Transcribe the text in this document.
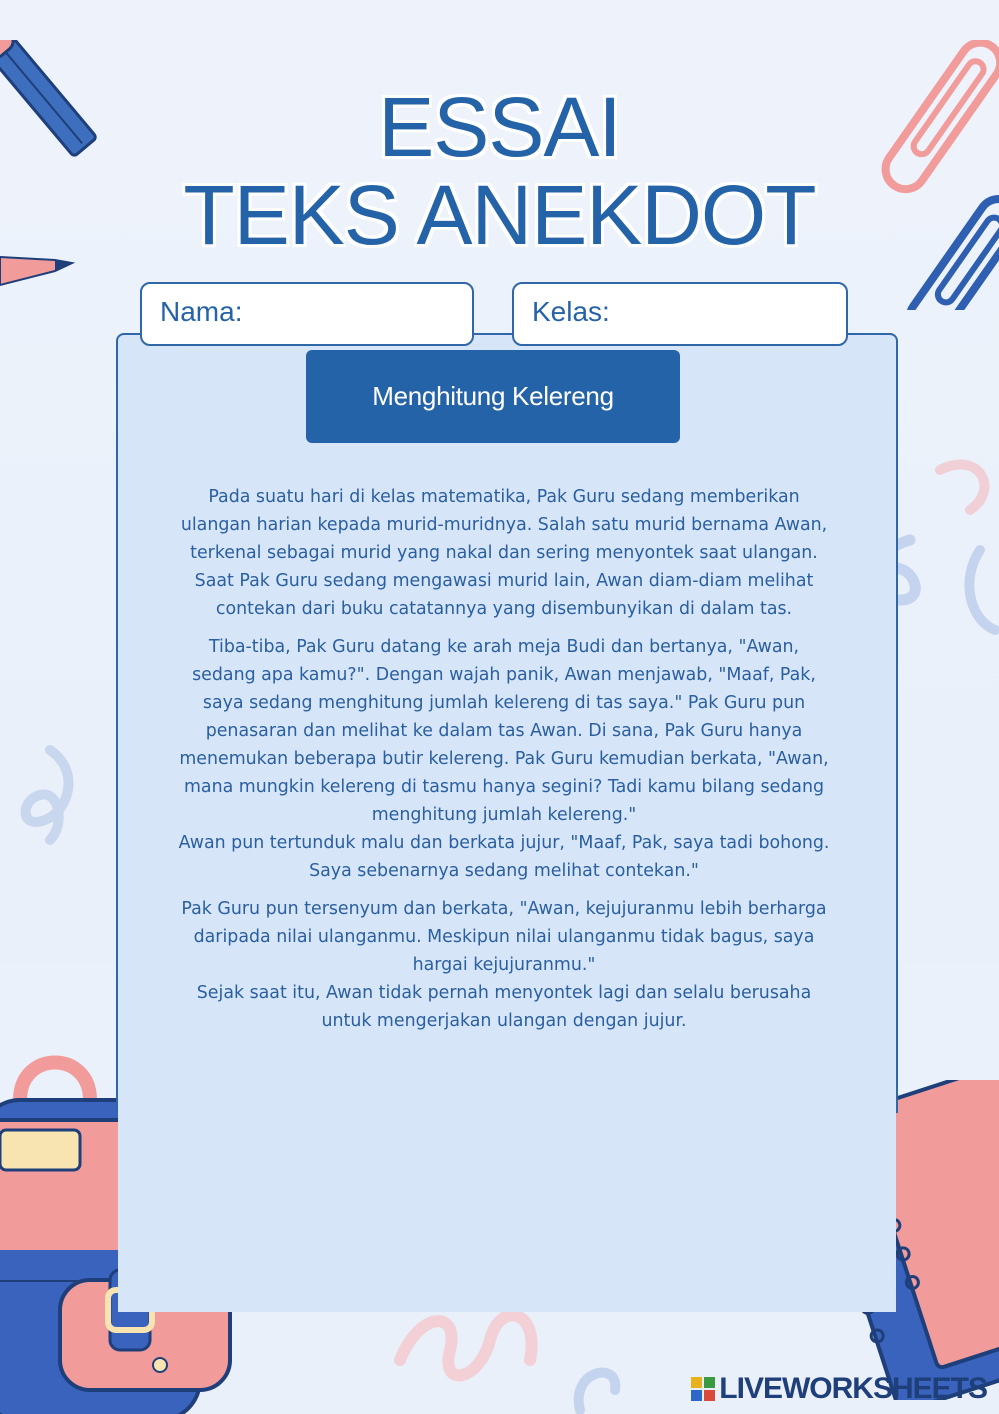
ESSAI
TEKS ANEKDOT
Nama:	Kelas:
Menghitung Kelereng

Pada suatu hari di kelas matematika, Pak Guru sedang memberikan ulangan harian kepada murid-muridnya. Salah satu murid bernama Awan, terkenal sebagai murid yang nakal dan sering menyontek saat ulangan. Saat Pak Guru sedang mengawasi murid lain, Awan diam-diam melihat contekan dari buku catatannya yang disembunyikan di dalam tas.

Tiba-tiba, Pak Guru datang ke arah meja Budi dan bertanya, "Awan, sedang apa kamu?". Dengan wajah panik, Awan menjawab, "Maaf, Pak, saya sedang menghitung jumlah kelereng di tas saya." Pak Guru pun penasaran dan melihat ke dalam tas Awan. Di sana, Pak Guru hanya menemukan beberapa butir kelereng. Pak Guru kemudian berkata, "Awan, mana mungkin kelereng di tasmu hanya segini? Tadi kamu bilang sedang menghitung jumlah kelereng."
Awan pun tertunduk malu dan berkata jujur, "Maaf, Pak, saya tadi bohong.
Saya sebenarnya sedang melihat contekan."

Pak Guru pun tersenyum dan berkata, "Awan, kejujuranmu lebih berharga daripada nilai ulanganmu. Meskipun nilai ulanganmu tidak bagus, saya hargai kejujuranmu."
Sejak saat itu, Awan tidak pernah menyontek lagi dan selalu berusaha untuk mengerjakan ulangan dengan jujur.

LIVEWORKSHEETS
